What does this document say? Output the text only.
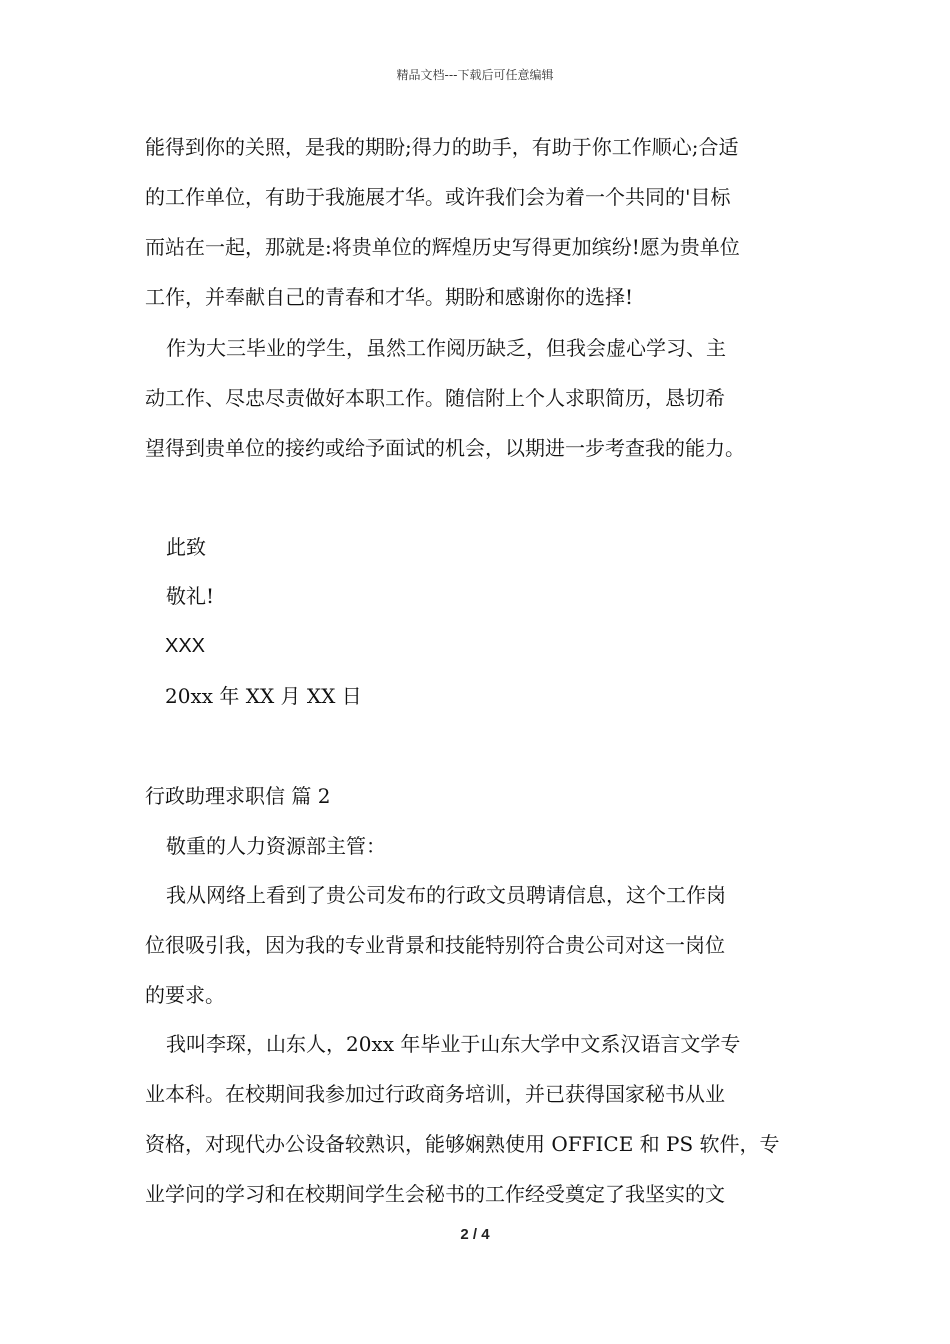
精品文档---下载后可任意编辑
能得到你的关照，是我的期盼;得力的助手，有助于你工作顺心;合适
的工作单位，有助于我施展才华。或许我们会为着一个共同的'目标
而站在一起，那就是:将贵单位的辉煌历史写得更加缤纷!愿为贵单位
工作，并奉献自己的青春和才华。期盼和感谢你的选择!
作为大三毕业的学生，虽然工作阅历缺乏，但我会虚心学习、主
动工作、尽忠尽责做好本职工作。随信附上个人求职简历，恳切希
望得到贵单位的接约或给予面试的机会，以期进一步考查我的能力。
此致
敬礼!
XXX
20xx 年 XX 月 XX 日
行政助理求职信 篇 2
敬重的人力资源部主管：
我从网络上看到了贵公司发布的行政文员聘请信息，这个工作岗
位很吸引我，因为我的专业背景和技能特别符合贵公司对这一岗位
的要求。
我叫李琛，山东人，20xx 年毕业于山东大学中文系汉语言文学专
业本科。在校期间我参加过行政商务培训，并已获得国家秘书从业
资格，对现代办公设备较熟识，能够娴熟使用 OFFICE 和 PS 软件，专
业学问的学习和在校期间学生会秘书的工作经受奠定了我坚实的文
2 / 4
